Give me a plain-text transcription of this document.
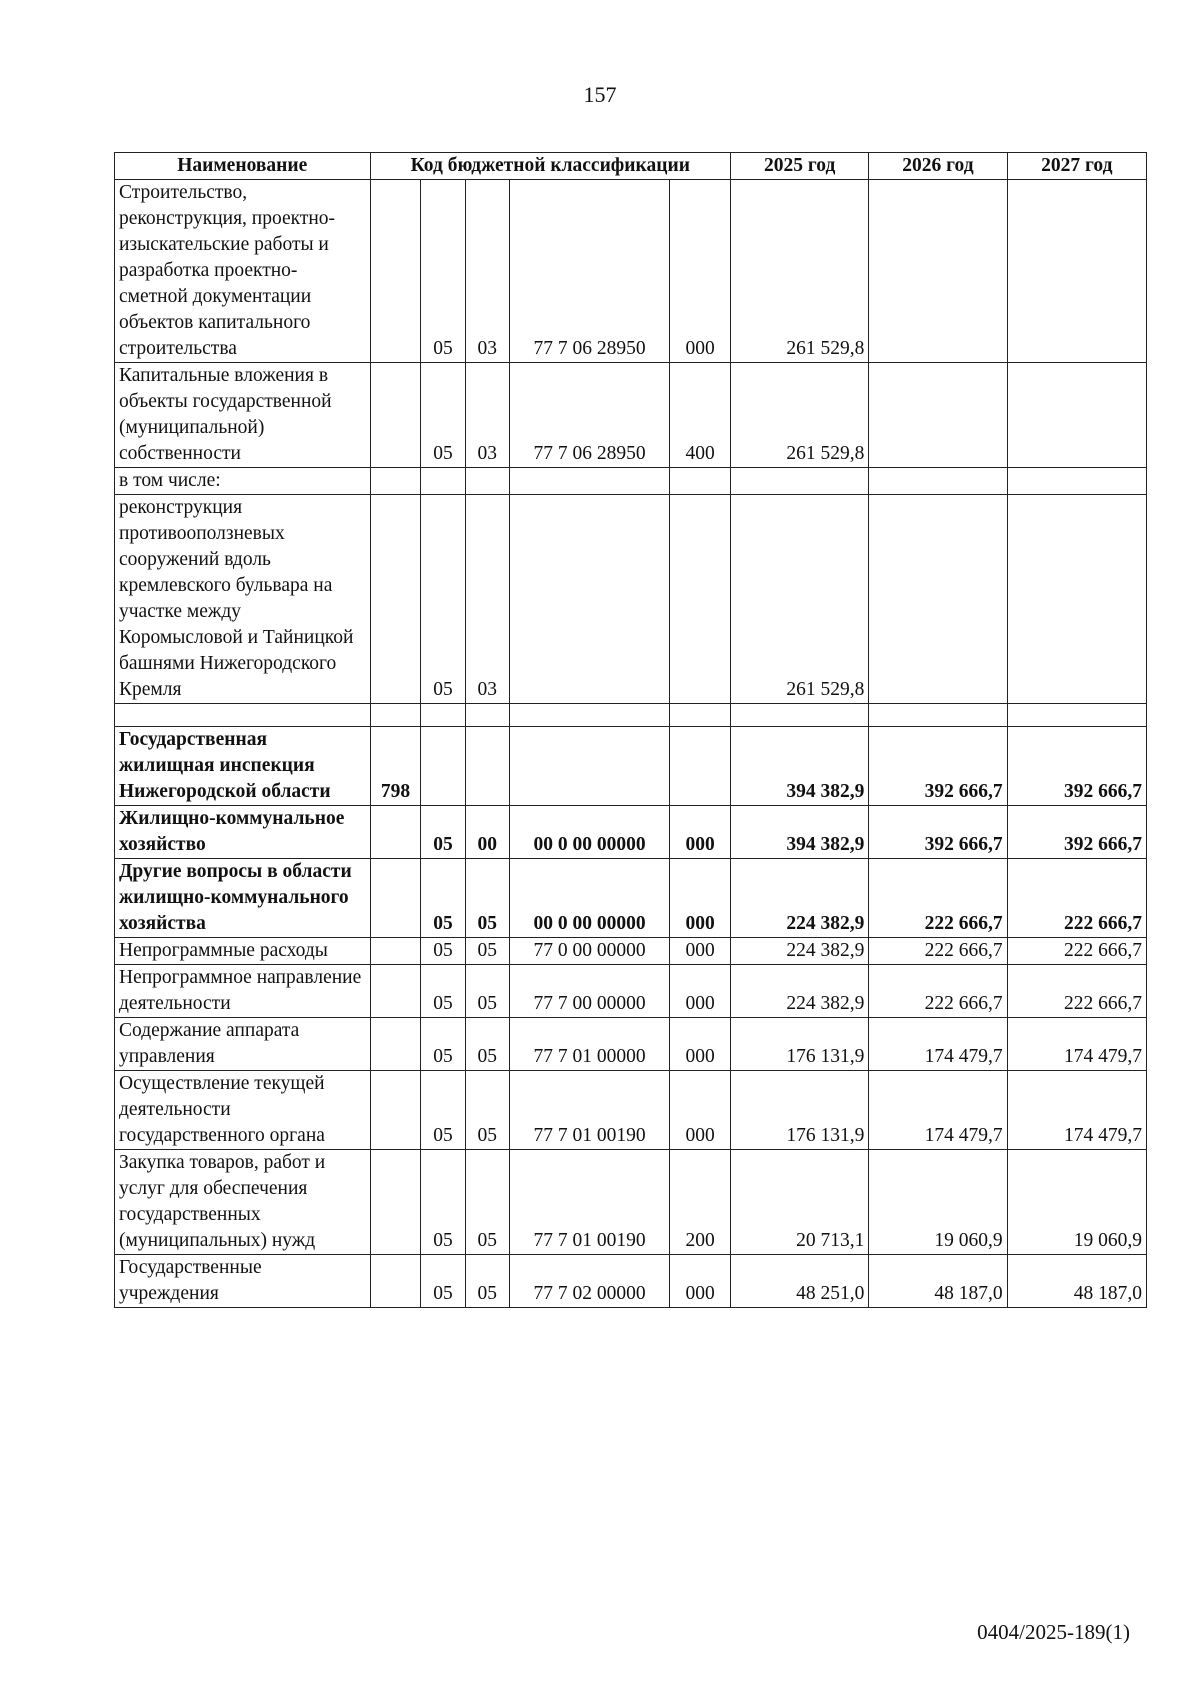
157
Наименование	Код бюджетной классификации					2025 год	2026 год	2027 год
Строительство, реконструкция, проектно-изыскательские работы и разработка проектно-сметной документации объектов капитального строительства		05	03	77 7 06 28950	000	261 529,8		
Капитальные вложения в объекты государственной (муниципальной) собственности		05	03	77 7 06 28950	400	261 529,8		
в том числе:								
реконструкция противооползневых сооружений вдоль кремлевского бульвара на участке между Коромысловой и Тайницкой башнями Нижегородского Кремля		05	03			261 529,8		

Государственная жилищная инспекция Нижегородской области	798					394 382,9	392 666,7	392 666,7
Жилищно-коммунальное хозяйство		05	00	00 0 00 00000	000	394 382,9	392 666,7	392 666,7
Другие вопросы в области жилищно-коммунального хозяйства		05	05	00 0 00 00000	000	224 382,9	222 666,7	222 666,7
Непрограммные расходы		05	05	77 0 00 00000	000	224 382,9	222 666,7	222 666,7
Непрограммное направление деятельности		05	05	77 7 00 00000	000	224 382,9	222 666,7	222 666,7
Содержание аппарата управления		05	05	77 7 01 00000	000	176 131,9	174 479,7	174 479,7
Осуществление текущей деятельности государственного органа		05	05	77 7 01 00190	000	176 131,9	174 479,7	174 479,7
Закупка товаров, работ и услуг для обеспечения государственных (муниципальных) нужд		05	05	77 7 01 00190	200	20 713,1	19 060,9	19 060,9
Государственные учреждения		05	05	77 7 02 00000	000	48 251,0	48 187,0	48 187,0
0404/2025-189(1)
